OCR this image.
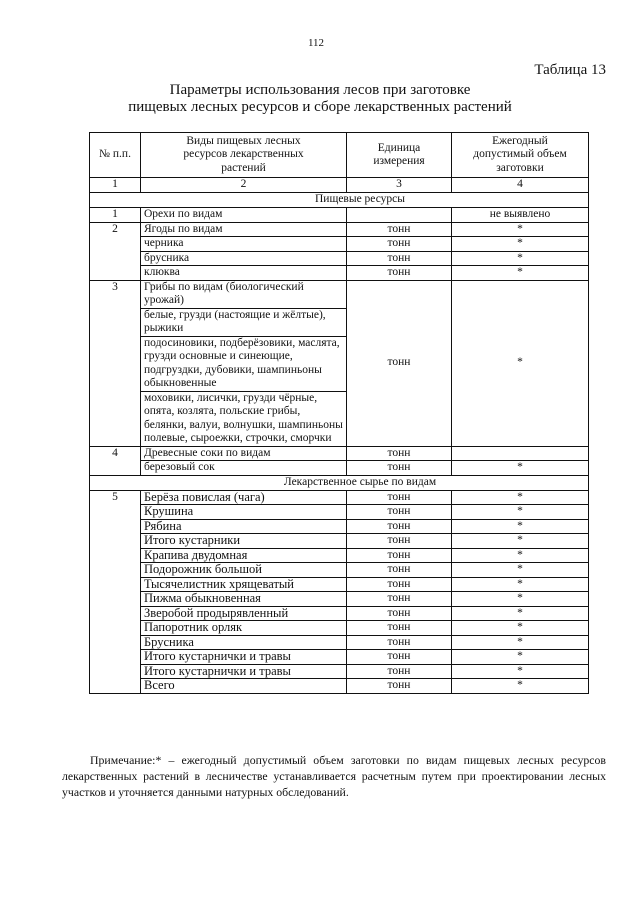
112
Таблица 13
Параметры использования лесов при заготовке
пищевых лесных ресурсов и сборе лекарственных растений
№ п.п.	Виды пищевых лесных ресурсов лекарственных растений	Единица измерения	Ежегодный допустимый объем заготовки
1	2	3	4
Пищевые ресурсы			
1	Орехи по видам		не выявлено
2	Ягоды по видам	тонн	*
	черника	тонн	*
	брусника	тонн	*
	клюква	тонн	*
3	Грибы по видам (биологический урожай)	тонн	*
	белые, грузди (настоящие и жёлтые), рыжики		
	подосиновики, подберёзовики, маслята, грузди основные и синеющие, подгруздки, дубовики, шампиньоны обыкновенные		
	моховики, лисички, грузди чёрные, опята, козлята, польские грибы, белянки, валуи, волнушки, шампиньоны полевые, сыроежки, строчки, сморчки		
4	Древесные соки по видам	тонн	
	березовый сок	тонн	*
Лекарственное сырье по видам			
5	Берёза повислая (чага)	тонн	*
	Крушина	тонн	*
	Рябина	тонн	*
	Итого кустарники	тонн	*
	Крапива двудомная	тонн	*
	Подорожник большой	тонн	*
	Тысячелистник хрящеватый	тонн	*
	Пижма обыкновенная	тонн	*
	Зверобой продырявленный	тонн	*
	Папоротник орляк	тонн	*
	Брусника	тонн	*
	Итого кустарнички и травы	тонн	*
	Итого кустарнички и травы	тонн	*
	Всего	тонн	*
Примечание:* – ежегодный допустимый объем заготовки по видам пищевых лесных ресурсов лекарственных растений в лесничестве устанавливается расчетным путем при проектировании лесных участков и уточняется данными натурных обследований.
